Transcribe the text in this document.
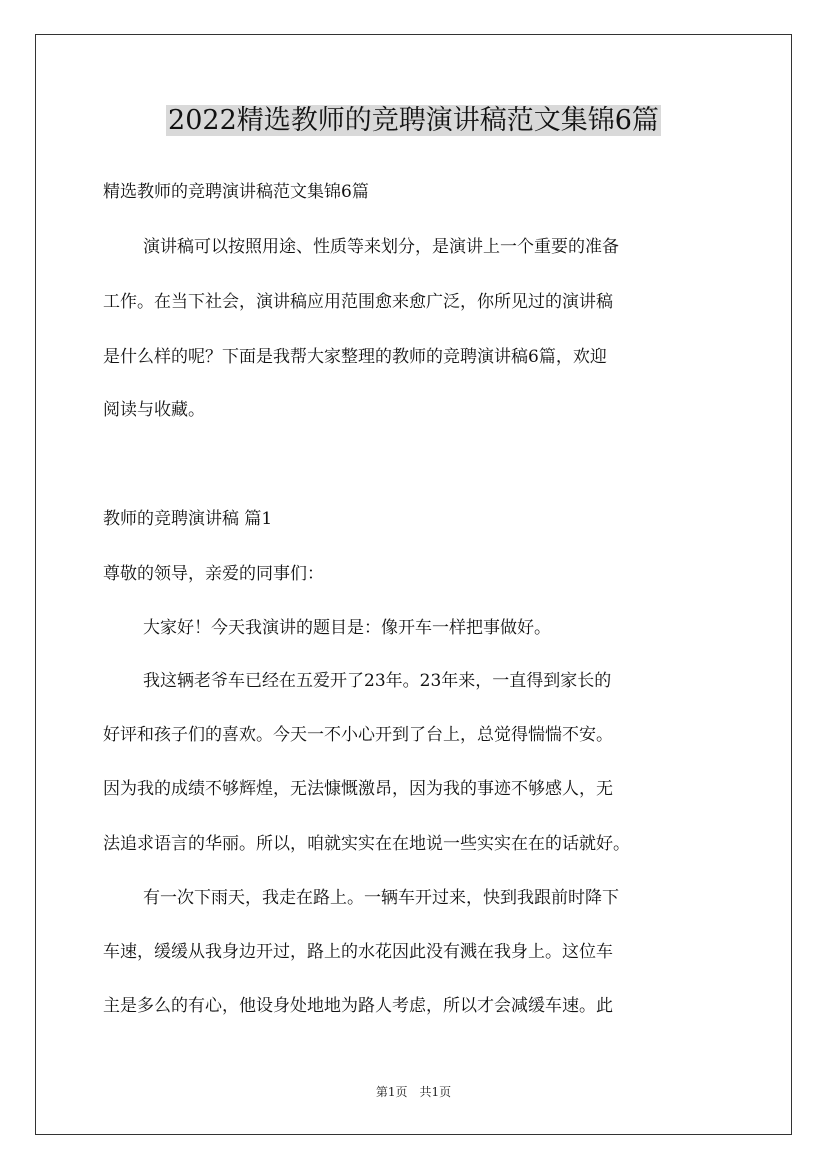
2022精选教师的竞聘演讲稿范文集锦6篇
精选教师的竞聘演讲稿范文集锦6篇
演讲稿可以按照用途、性质等来划分，是演讲上一个重要的准备
工作。在当下社会，演讲稿应用范围愈来愈广泛，你所见过的演讲稿
是什么样的呢？下面是我帮大家整理的教师的竞聘演讲稿6篇，欢迎
阅读与收藏。
教师的竞聘演讲稿 篇1
尊敬的领导，亲爱的同事们：
大家好！今天我演讲的题目是：像开车一样把事做好。
我这辆老爷车已经在五爱开了23年。23年来，一直得到家长的
好评和孩子们的喜欢。今天一不小心开到了台上，总觉得惴惴不安。
因为我的成绩不够辉煌，无法慷慨激昂，因为我的事迹不够感人，无
法追求语言的华丽。所以，咱就实实在在地说一些实实在在的话就好。
有一次下雨天，我走在路上。一辆车开过来，快到我跟前时降下
车速，缓缓从我身边开过，路上的水花因此没有溅在我身上。这位车
主是多么的有心，他设身处地地为路人考虑，所以才会减缓车速。此
第1页　共1页
